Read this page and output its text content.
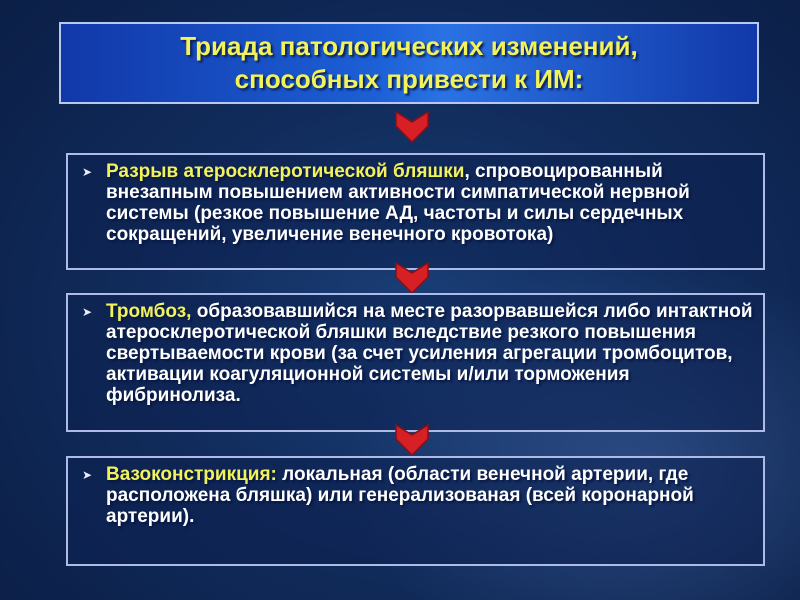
Триада патологических изменений,
способных привести к ИМ:
➤ Разрыв атеросклеротической бляшки, спровоцированный внезапным повышением активности симпатической нервной системы (резкое повышение АД, частоты и силы сердечных сокращений, увеличение венечного кровотока)
➤ Тромбоз, образовавшийся на месте разорвавшейся либо интактной атеросклеротической бляшки вследствие резкого повышения свертываемости крови (за счет усиления агрегации тромбоцитов, активации коагуляционной системы и/или торможения фибринолиза.
➤ Вазоконстрикция: локальная (области венечной артерии, где расположена бляшка) или генерализованая (всей коронарной артерии).
